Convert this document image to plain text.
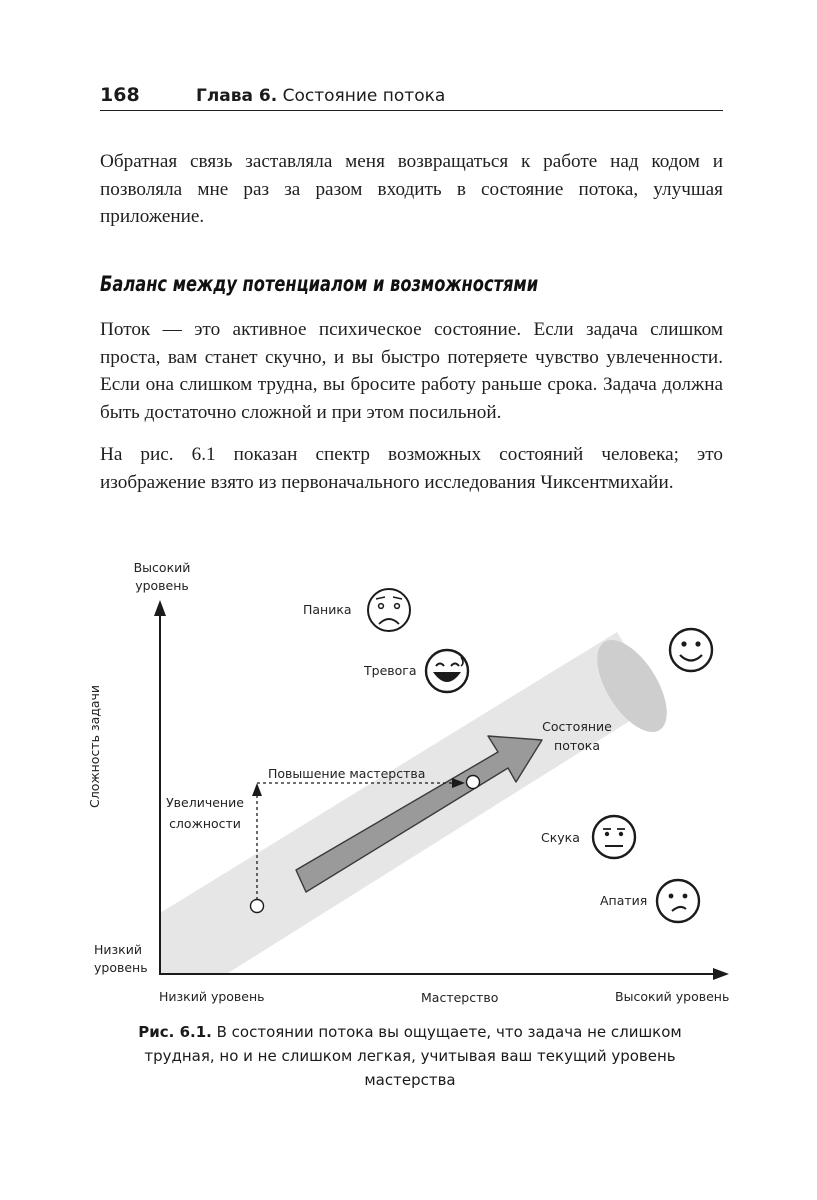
168	Глава 6. Состояние потока

Обратная связь заставляла меня возвращаться к работе над кодом и позволяла мне раз за разом входить в состояние потока, улучшая приложение.

Баланс между потенциалом и возможностями

Поток — это активное психическое состояние. Если задача слишком проста, вам станет скучно, и вы быстро потеряете чувство увлеченности. Если она слишком трудна, вы бросите работу раньше срока. Задача должна быть достаточно сложной и при этом посильной.

На рис. 6.1 показан спектр возможных состояний человека; это изображение взято из первоначального исследования Чиксентмихайи.

Высокий
уровень
Сложность задачи
Низкий
уровень
Низкий уровень	Мастерство	Высокий уровень
Паника
Тревога
Состояние
потока
Скука
Апатия
Повышение мастерства
Увеличение
сложности

Рис. 6.1. В состоянии потока вы ощущаете, что задача не слишком трудная, но и не слишком легкая, учитывая ваш текущий уровень мастерства
